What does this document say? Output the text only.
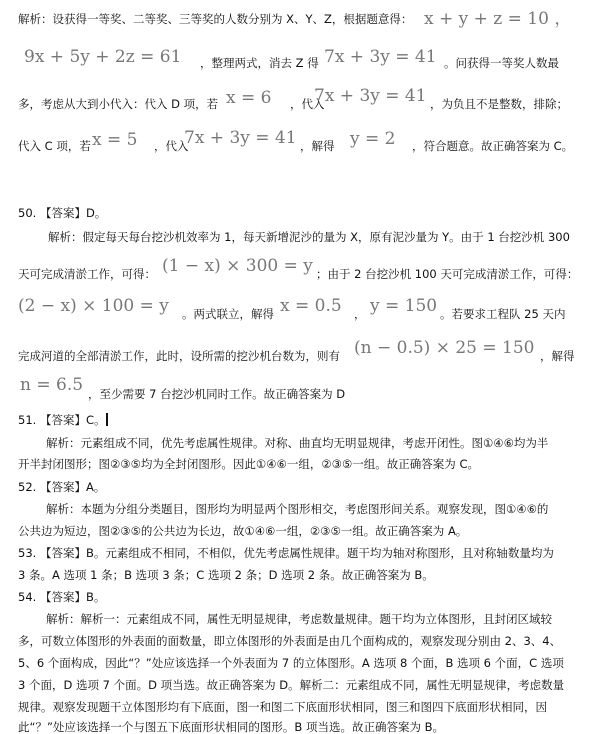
解析：设获得一等奖、二等奖、三等奖的人数分别为 X、Y、Z，根据题意得： x + y + z = 10 ，
9x + 5y + 2z = 61 ，整理两式，消去 Z 得 7x + 3y = 41 。问获得一等奖人数最
多，考虑从大到小代入：代入 D 项，若 x = 6 ，代入
7x + 3y = 41 ，为负且不是整数，排除；
代入 C 项，若 x = 5 ，代入
7x + 3y = 41 ，解得 y = 2 ，符合题意。故正确答案为 C。
50. 【答案】D。
解析：假定每天每台挖沙机效率为 1，每天新增泥沙的量为 X，原有泥沙量为 Y。由于 1 台挖沙机 300
天可完成清淤工作，可得： (1 − x) × 300 = y ；由于 2 台挖沙机 100 天可完成清淤工作，可得：
(2 − x) × 100 = y 。两式联立，解得 x = 0.5 ， y = 150 。若要求工程队 25 天内
完成河道的全部清淤工作，此时，设所需的挖沙机台数为，则有 (n − 0.5) × 25 = 150 ，解得
n = 6.5 ，至少需要 7 台挖沙机同时工作。故正确答案为 D
51. 【答案】C。
解析：元素组成不同，优先考虑属性规律。对称、曲直均无明显规律，考虑开闭性。图①④⑥均为半
开半封闭图形；图②③⑤均为全封闭图形。因此①④⑥一组，②③⑤一组。故正确答案为 C。
52. 【答案】A。
解析：本题为分组分类题目，图形均为明显两个图形相交，考虑图形间关系。观察发现，图①④⑥的
公共边为短边，图②③⑤的公共边为长边，故①④⑥一组，②③⑤一组。故正确答案为 A。
53. 【答案】B。元素组成不相同，不相似，优先考虑属性规律。题干均为轴对称图形，且对称轴数量均为
3 条。A 选项 1 条；B 选项 3 条；C 选项 2 条；D 选项 2 条。故正确答案为 B。
54. 【答案】B。
解析：解析一：元素组成不同，属性无明显规律，考虑数量规律。题干均为立体图形，且封闭区域较
多，可数立体图形的外表面的面数量，即立体图形的外表面是由几个面构成的，观察发现分别由 2、3、4、
5、6 个面构成，因此“？”处应该选择一个外表面为 7 的立体图形。A 选项 8 个面，B 选项 6 个面，C 选项
3 个面，D 选项 7 个面。D 项当选。故正确答案为 D。解析二：元素组成不同，属性无明显规律，考虑数量
规律。观察发现题干立体图形均有下底面，图一和图二下底面形状相同，图三和图四下底面形状相同，因
此“？”处应该选择一个与图五下底面形状相同的图形。B 项当选。故正确答案为 B。
